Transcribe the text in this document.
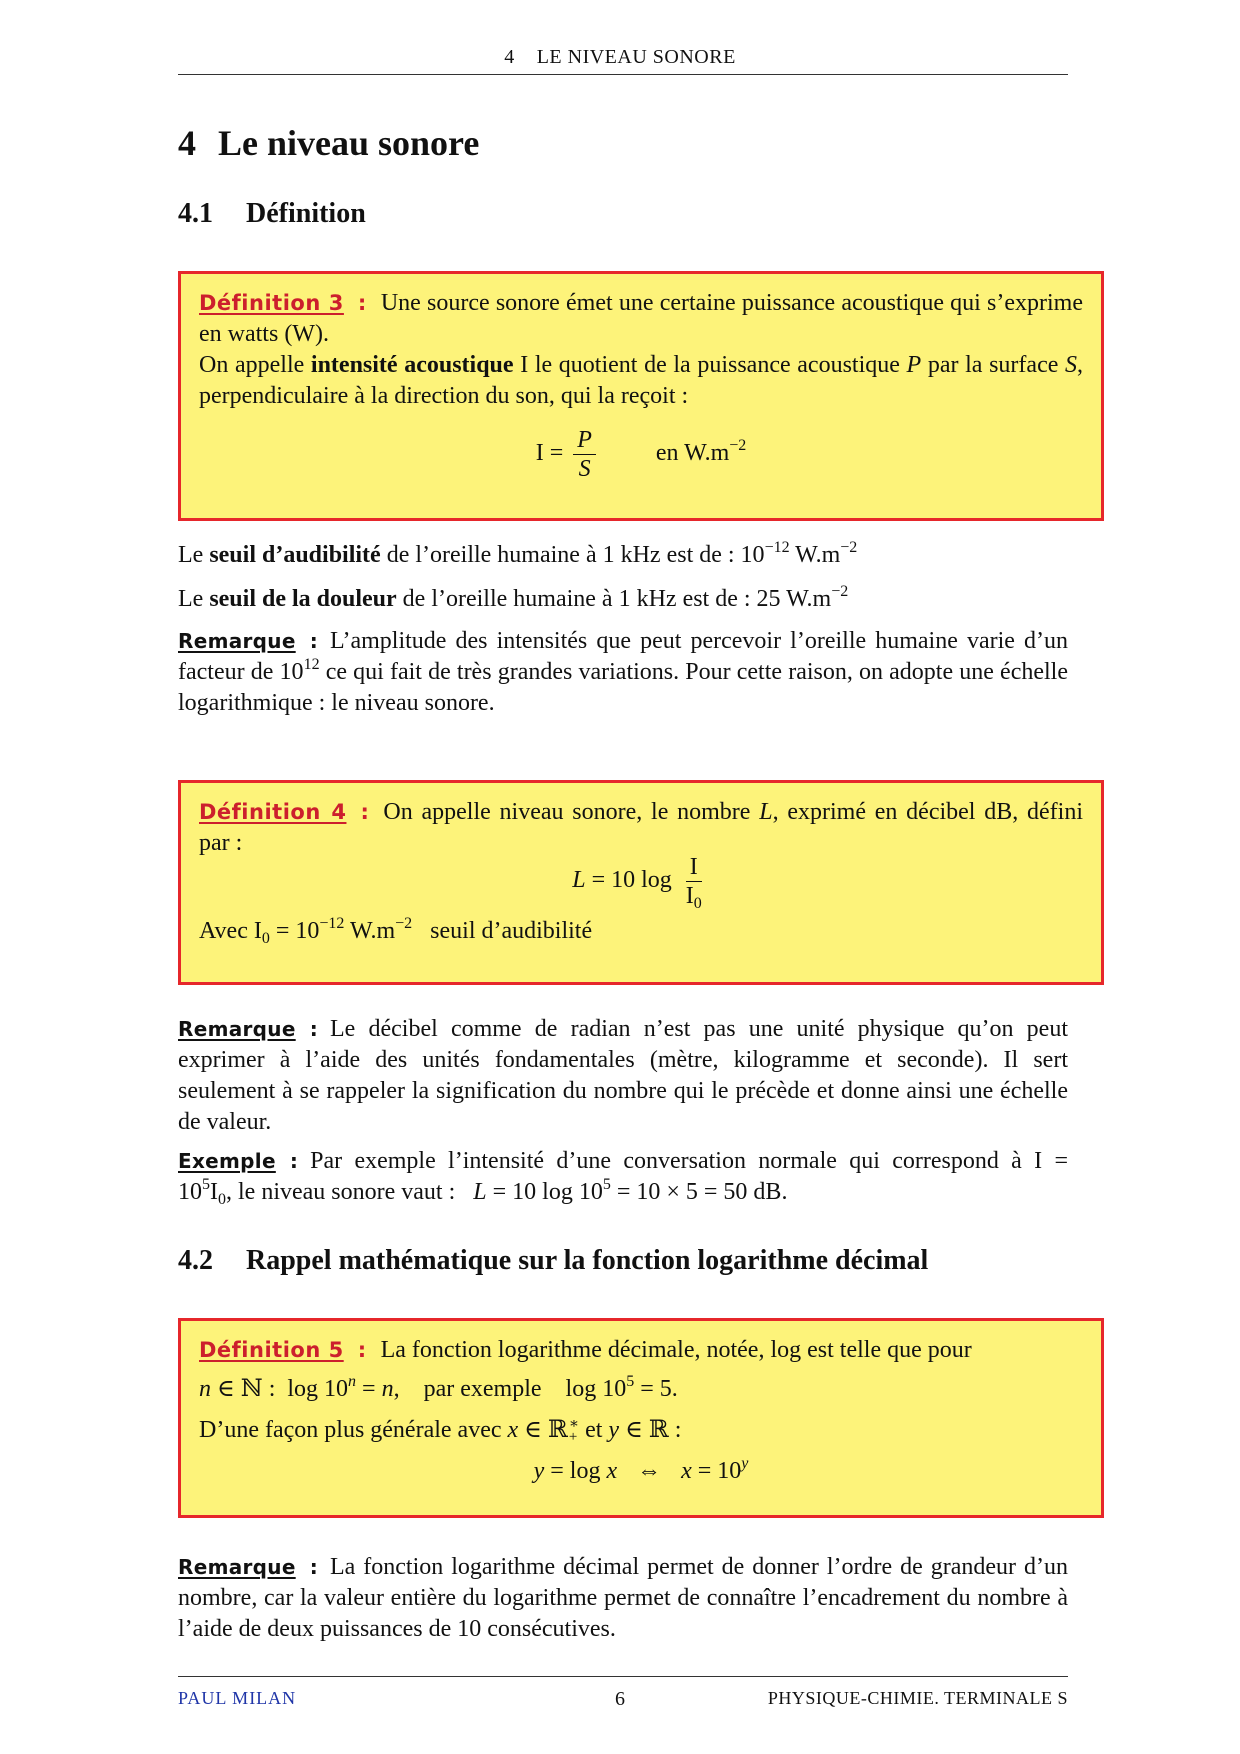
4 LE NIVEAU SONORE
4 Le niveau sonore
4.1 Définition
Définition 3 : Une source sonore émet une certaine puissance acoustique qui s’exprime en watts (W).
On appelle intensité acoustique I le quotient de la puissance acoustique P par la surface S, perpendiculaire à la direction du son, qui la reçoit :
$I = \frac{P}{S}$	en $W.m^{-2}$
Le seuil d’audibilité de l’oreille humaine à 1 kHz est de : $10^{-12}$ $W.m^{-2}$
Le seuil de la douleur de l’oreille humaine à 1 kHz est de : 25 $W.m^{-2}$
Remarque : L’amplitude des intensités que peut percevoir l’oreille humaine varie d’un facteur de $10^{12}$ ce qui fait de très grandes variations. Pour cette raison, on adopte une échelle logarithmique : le niveau sonore.
Définition 4 : On appelle niveau sonore, le nombre L, exprimé en décibel dB, défini par :
L = 10 $\log \frac{I}{I_0}$
Avec $I_0 = 10^{-12}$ $W.m^{-2}$   seuil d’audibilité
Remarque : Le décibel comme de radian n’est pas une unité physique qu’on peut exprimer à l’aide des unités fondamentales (mètre, kilogramme et seconde). Il sert seulement à se rappeler la signification du nombre qui le précède et donne ainsi une échelle de valeur.
Exemple : Par exemple l’intensité d’une conversation normale qui correspond à $I = 10^5I_0$, le niveau sonore vaut :   L = 10 $\log 10^5 = 10 \times 5 = 50$ dB.
4.2 Rappel mathématique sur la fonction logarithme décimal
Définition 5 : La fonction logarithme décimale, notée, log est telle que pour
n ∈ ℕ :  $\log 10^n = n$,    par exemple    $\log 10^5 = 5$.
D’une façon plus générale avec x ∈ ℝ ∗
+ et y ∈ ℝ :
y = log x ⇔ $x = 10^y$
Remarque : La fonction logarithme décimal permet de donner l’ordre de grandeur d’un nombre, car la valeur entière du logarithme permet de connaître l’encadrement du nombre à l’aide de deux puissances de 10 consécutives.
PAUL MILAN	6	PHYSIQUE-CHIMIE. TERMINALE S
